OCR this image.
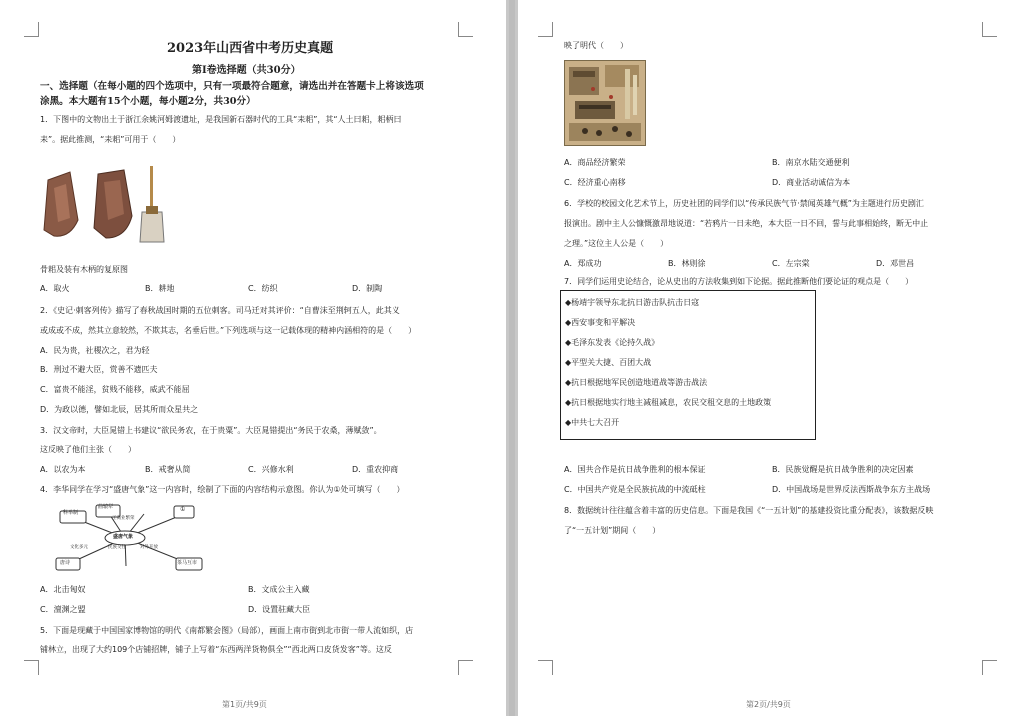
2023年山西省中考历史真题
第Ⅰ卷选择题（共30分）
一、选择题（在每小题的四个选项中，只有一项最符合题意，请选出并在答题卡上将该选项
涂黑。本大题有15个小题，每小题2分，共30分）
1．下图中的文物出土于浙江余姚河姆渡遗址，是我国新石器时代的工具“耒耜”，其“人土曰耜，耜柄曰
耒”。据此推测，“耒耜”可用于（　　）
骨耜及装有木柄的复原图
A．取火	B．耕地	C．纺织	D．制陶
2．《史记·刺客列传》描写了春秋战国时期的五位刺客。司马迁对其评价：“自曹沫至荆轲五人，此其义
或成或不成，然其立意较然，不欺其志，名垂后世。”下列选项与这一记载体现的精神内涵相符的是（　　）
A．民为贵，社稷次之，君为轻
B．刑过不避大臣，赏善不遗匹夫
C．富贵不能淫，贫贱不能移，威武不能屈
D．为政以德，譬如北辰，居其所而众星共之
3．汉文帝时，大臣晁错上书建议“欲民务农，在于贵粟”。大臣晁错提出“务民于农桑，薄赋敛”。
这反映了他们主张（　　）
A．以农为本	B．戒奢从简	C．兴修水利	D．重农抑商
4．李华同学在学习“盛唐气象”这一内容时，绘制了下面的内容结构示意图。你认为①处可填写（　　）
科举制
曲辕犁
工商业繁荣
①
唐诗
文化多元	民族交往	对外开放
茶马互市
盛唐气象
A．北击匈奴	B．文成公主入藏
C．澶渊之盟	D．设置驻藏大臣
5．下面是现藏于中国国家博物馆的明代《南都繁会图》（局部），画面上南市街到北市街一带人流如织，店
铺林立，出现了大约109个店铺招牌，铺子上写着“东西两洋货物俱全”“西北两口皮货发客”等。这反
第1页/共9页
映了明代（　　）
A．商品经济繁荣	B．南京水陆交通便利
C．经济重心南移	D．商业活动诚信为本
6．学校的校园文化艺术节上，历史社团的同学们以“传承民族气节·禁闻英雄气概”为主题进行历史剧汇
报演出。剧中主人公慷慨激昂地说道：“若鸦片一日未绝，本大臣一日不回，誓与此事相始终，断无中止
之理。”这位主人公是（　　）
A．郑成功	B．林则徐	C．左宗棠	D．邓世昌
7．同学们运用史论结合，论从史出的方法收集到如下论据。据此推断他们要论证的观点是（　　）
◆杨靖宇领导东北抗日游击队抗击日寇
◆西安事变和平解决
◆毛泽东发表《论持久战》
◆平型关大捷、百团大战
◆抗日根据地军民创造地道战等游击战法
◆抗日根据地实行地主减租减息，农民交租交息的土地政策
◆中共七大召开
A．国共合作是抗日战争胜利的根本保证	B．民族觉醒是抗日战争胜利的决定因素
C．中国共产党是全民族抗战的中流砥柱	D．中国战场是世界反法西斯战争东方主战场
8．数据统计往往蕴含着丰富的历史信息。下面是我国《“一五计划”的基建投资比重分配表》，该数据反映
了“一五计划”期间（　　）
第2页/共9页
